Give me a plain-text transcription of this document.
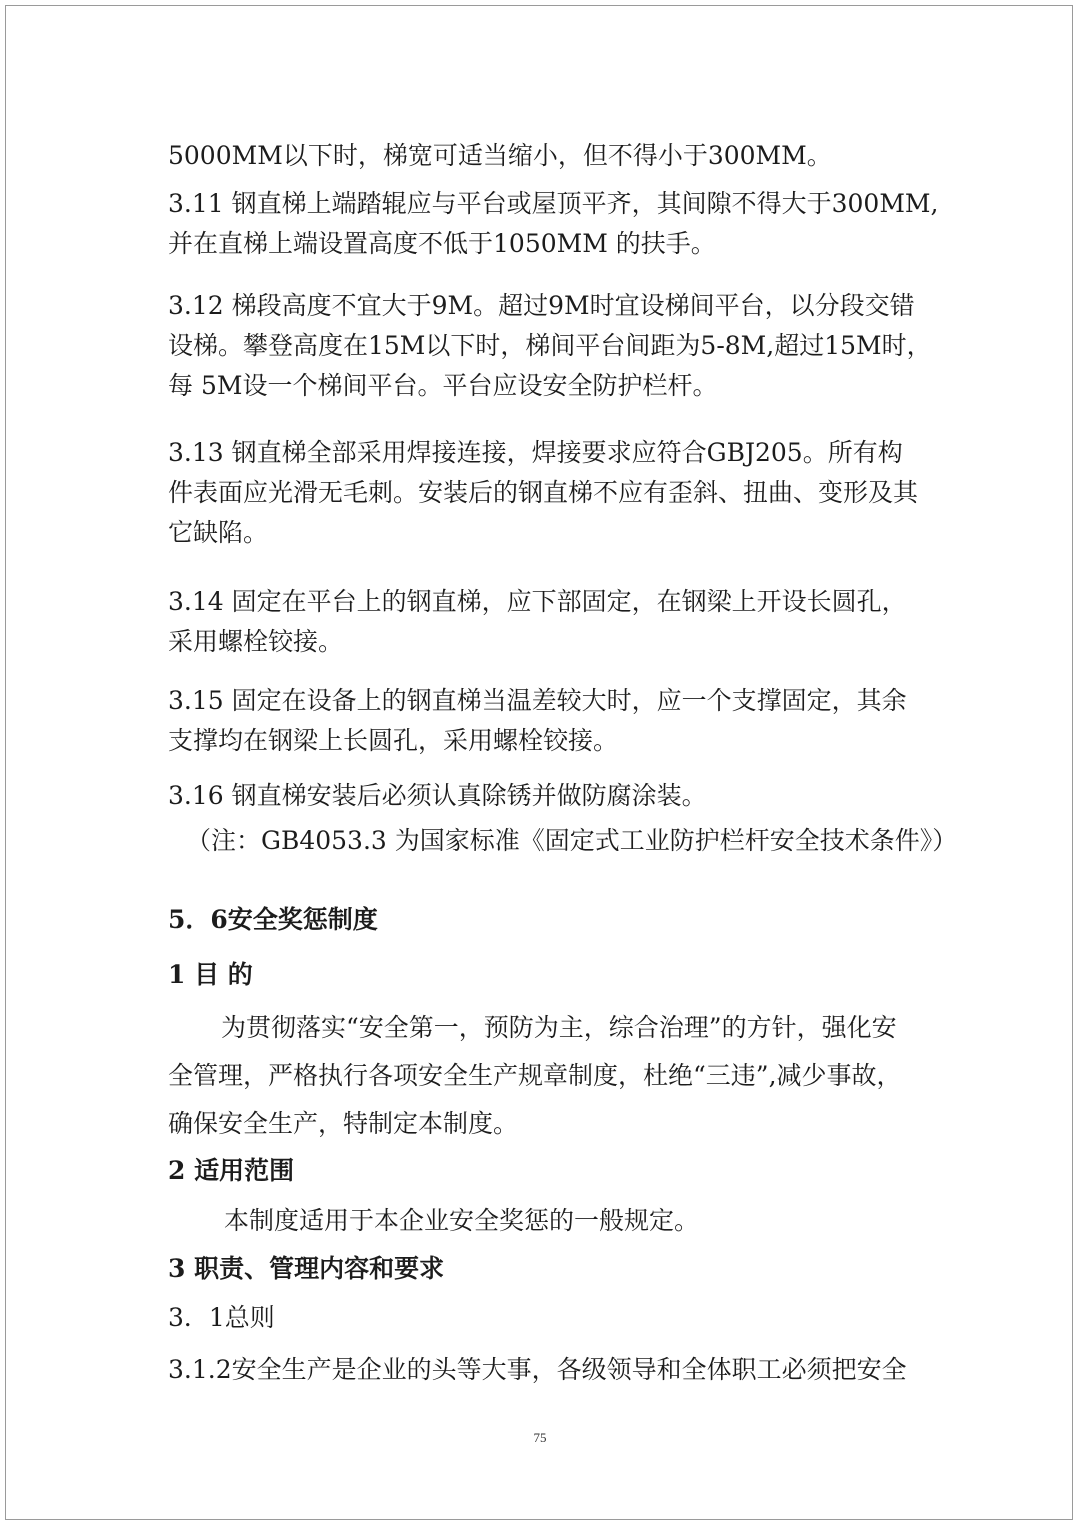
5000MM以下时，梯宽可适当缩小，但不得小于300MM。

3.11 钢直梯上端踏辊应与平台或屋顶平齐，其间隙不得大于300MM,

并在直梯上端设置高度不低于1050MM 的扶手。

3.12 梯段高度不宜大于9M。超过9M时宜设梯间平台，以分段交错

设梯。攀登高度在15M以下时，梯间平台间距为5-8M,超过15M时，

每 5M设一个梯间平台。平台应设安全防护栏杆。

3.13 钢直梯全部采用焊接连接，焊接要求应符合GBJ205。所有构

件表面应光滑无毛刺。安装后的钢直梯不应有歪斜、扭曲、变形及其

它缺陷。

3.14 固定在平台上的钢直梯，应下部固定，在钢梁上开设长圆孔，

采用螺栓铰接。

3.15 固定在设备上的钢直梯当温差较大时，应一个支撑固定，其余

支撑均在钢梁上长圆孔，采用螺栓铰接。

3.16 钢直梯安装后必须认真除锈并做防腐涂装。

（注：GB4053.3 为国家标准《固定式工业防护栏杆安全技术条件》）

5．6安全奖惩制度

1 目 的

为贯彻落实“安全第一，预防为主，综合治理”的方针，强化安

全管理，严格执行各项安全生产规章制度，杜绝“三违”,减少事故，

确保安全生产，特制定本制度。

2 适用范围

本制度适用于本企业安全奖惩的一般规定。

3 职责、管理内容和要求

3．1总则

3.1.2安全生产是企业的头等大事，各级领导和全体职工必须把安全

75
